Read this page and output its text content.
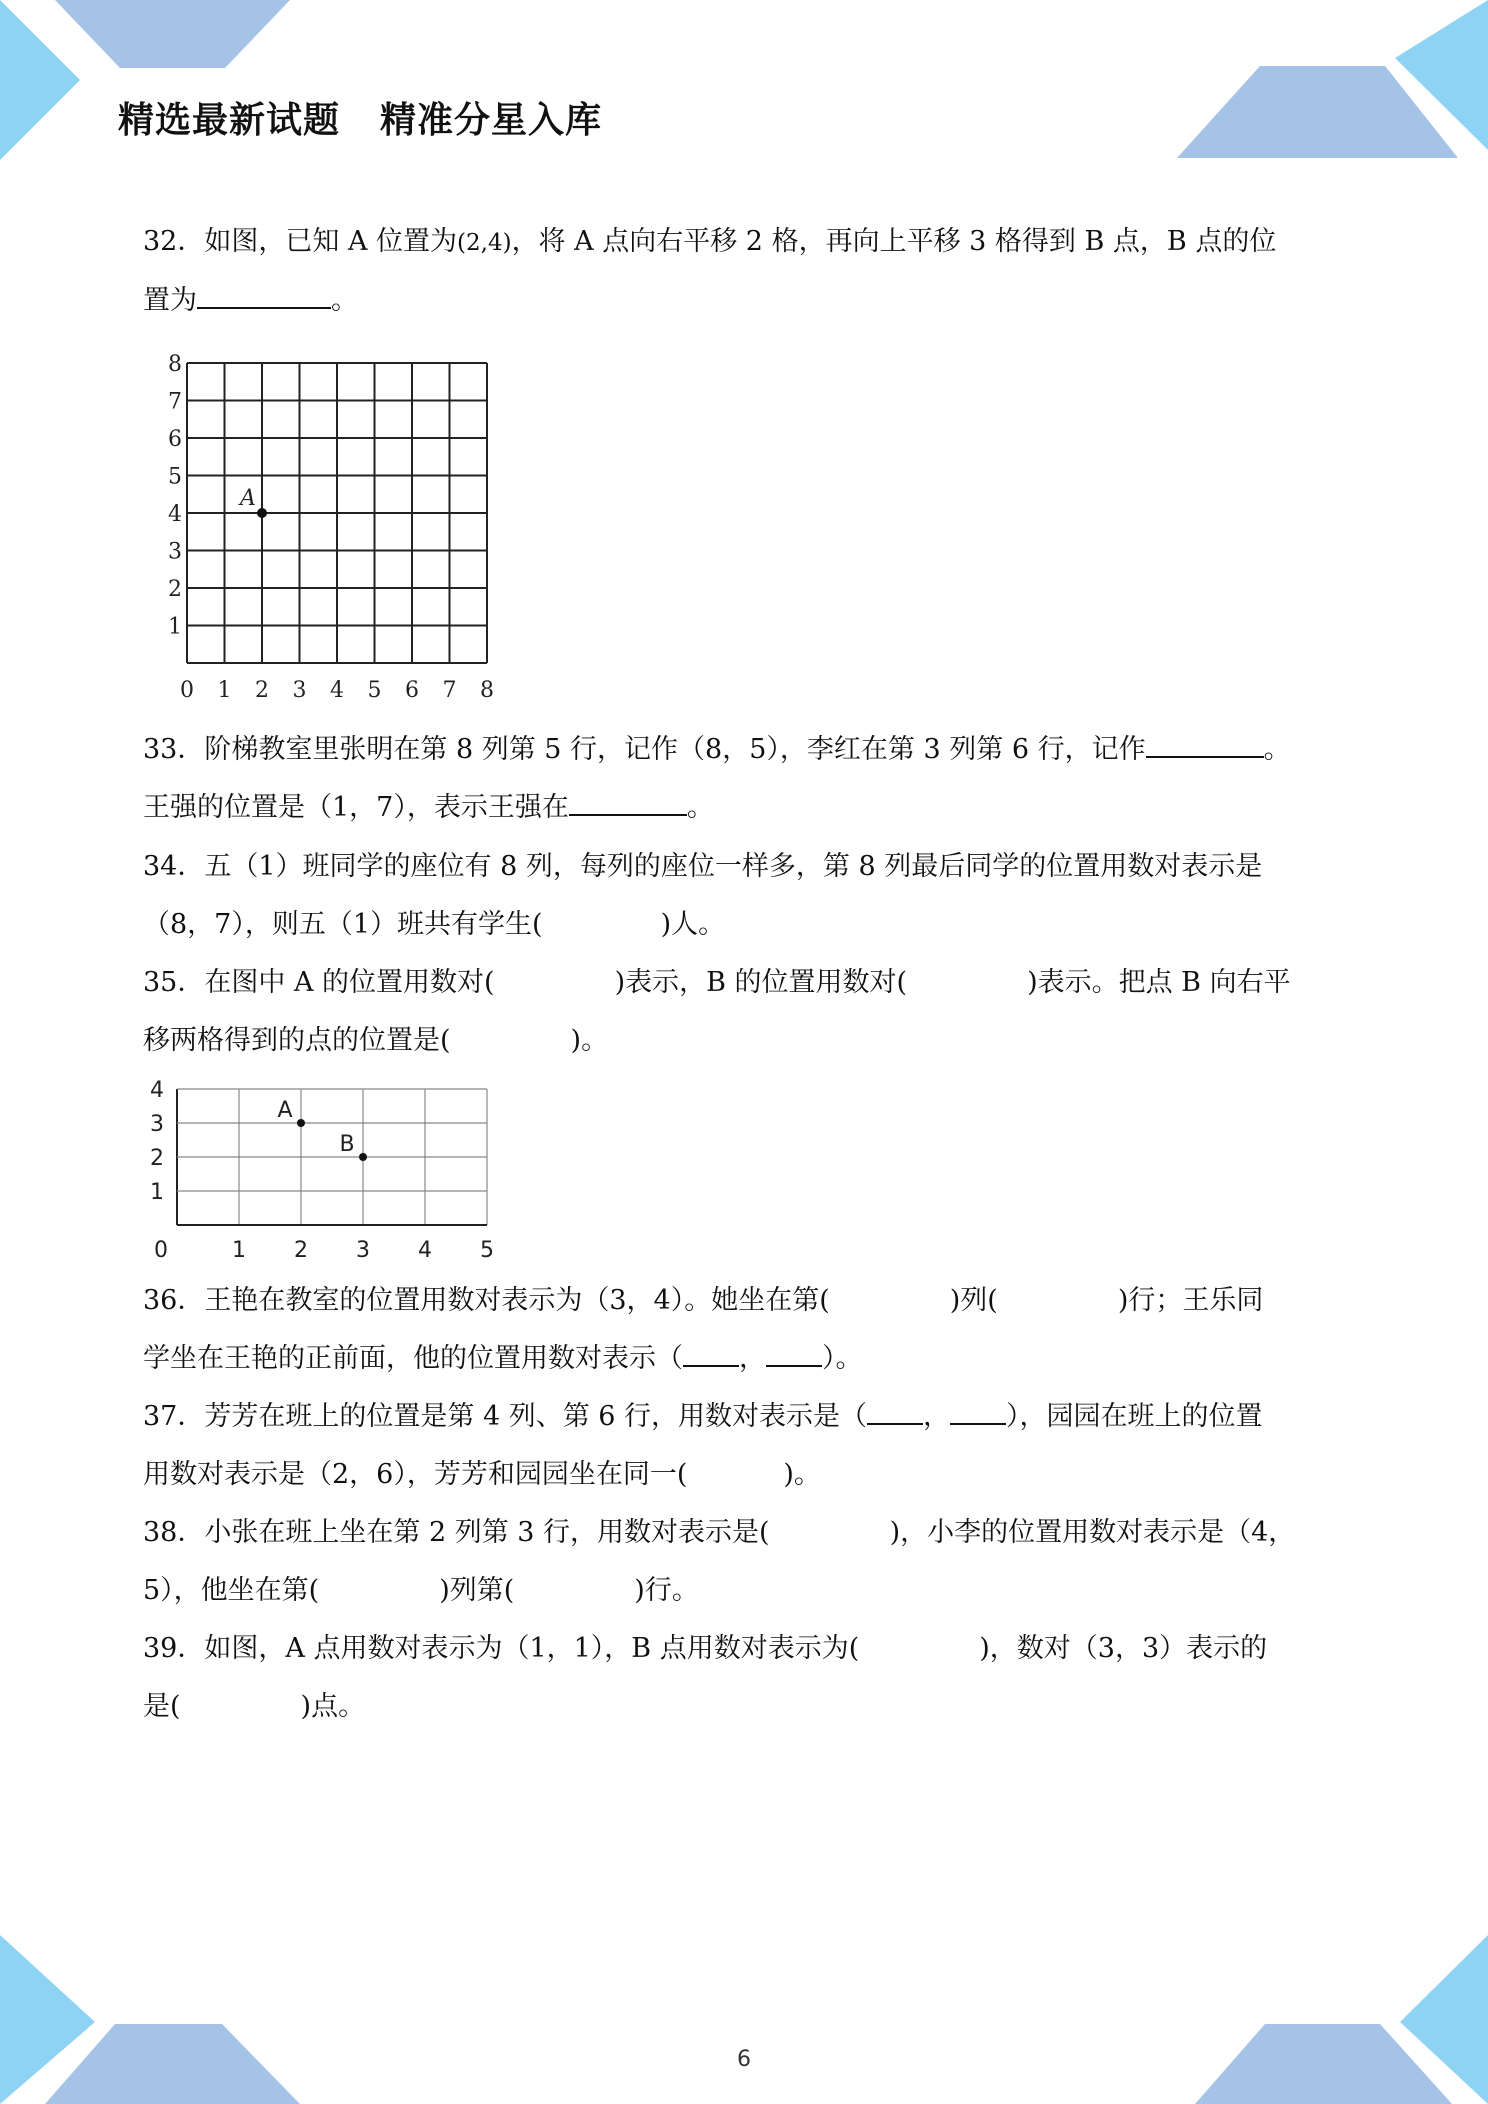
精选最新试题 精准分星入库
32．如图，已知 A 位置为(2,4)，将 A 点向右平移 2 格，再向上平移 3 格得到 B 点，B 点的位
置为	。
0 1 2 3 4 5 6 7 8
1
2
3
4
5
6
7
8
A
33．阶梯教室里张明在第 8 列第 5 行，记作（8，5），李红在第 3 列第 6 行，记作	。
王强的位置是（1，7），表示王强在	。
34．五（1）班同学的座位有 8 列，每列的座位一样多，第 8 列最后同学的位置用数对表示是
（8，7），则五（1）班共有学生(	)人。
35．在图中 A 的位置用数对(	)表示，B 的位置用数对(	)表示。把点 B 向右平
移两格得到的点的位置是(	)。
0	1 2 3 4 5
1
2
3
4
A
B
36．王艳在教室的位置用数对表示为（3，4）。她坐在第(	)列(	)行；王乐同
学坐在王艳的正前面，他的位置用数对表示（ ， ）。
37．芳芳在班上的位置是第 4 列、第 6 行，用数对表示是（ ， ），园园在班上的位置
用数对表示是（2，6），芳芳和园园坐在同一(	)。
38．小张在班上坐在第 2 列第 3 行，用数对表示是(	)，小李的位置用数对表示是（4，
5），他坐在第(	)列第(	)行。
39．如图，A 点用数对表示为（1，1），B 点用数对表示为(	)，数对（3，3）表示的
是(	)点。
6
